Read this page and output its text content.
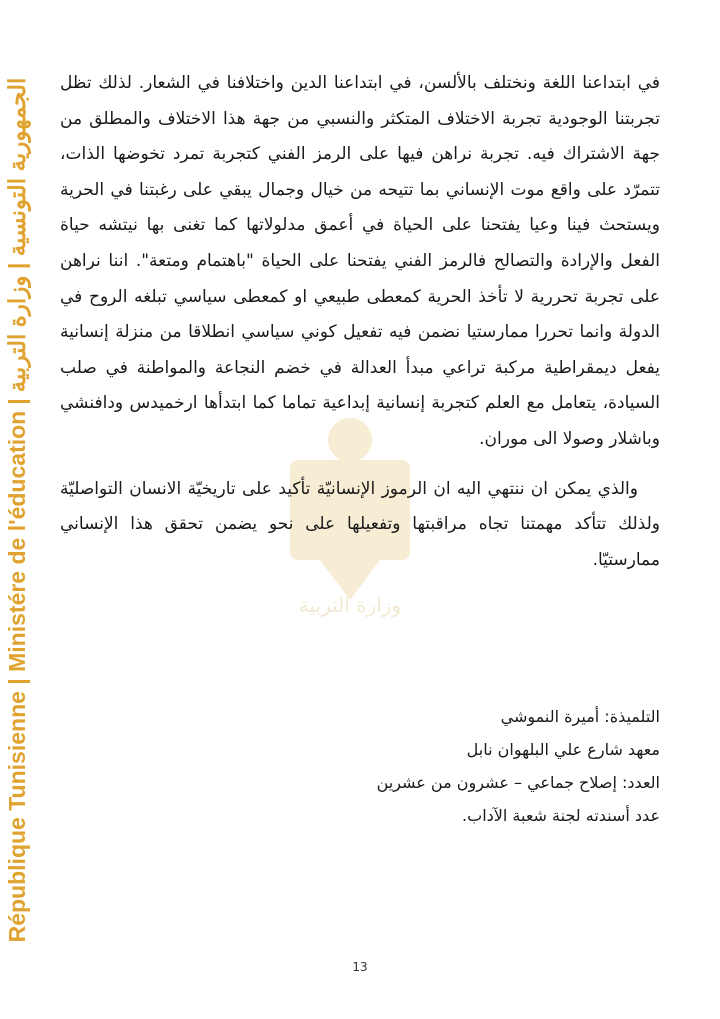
République Tunisienne | Ministére de l'éducation
|
الجمهورية التونسية | وزارة التربية
وزارة التربية

في ابتداعنا اللغة ونختلف بالألسن، في ابتداعنا الدين واختلافنا في الشعار. لذلك تظل تجربتنا الوجودية تجربة الاختلاف المتكثر والنسبي من جهة هذا الاختلاف والمطلق من جهة الاشتراك فيه. تجربة نراهن فيها على الرمز الفني كتجربة تمرد تخوضها الذات، تتمرّد على واقع موت الإنساني بما تتيحه من خيال وجمال يبقي على رغبتنا في الحرية ويستحث فينا وعيا يفتحنا على الحياة في أعمق مدلولاتها كما تغنى بها نيتشه حياة الفعل والإرادة والتصالح فالرمز الفني يفتحنا على الحياة "باهتمام ومتعة". اننا نراهن على تجربة تحررية لا تأخذ الحرية كمعطى طبيعي او كمعطى سياسي تبلغه الروح في الدولة وانما تحررا ممارستيا نضمن فيه تفعيل كوني سياسي انطلاقا من منزلة إنسانية يفعل ديمقراطية مركبة تراعي مبدأ العدالة في خضم النجاعة والمواطنة في صلب السيادة، يتعامل مع العلم كتجربة إنسانية إبداعية تماما كما ابتدأها ارخميدس ودافنشي وباشلار وصولا الى موران.

والذي يمكن ان ننتهي اليه ان الرموز الإنسانيّة تأكيد على تاريخيّة الانسان التواصليّة ولذلك تتأكد مهمتنا تجاه مراقبتها وتفعيلها على نحو يضمن تحقق هذا الإنساني ممارستيّا.

التلميذة: أميرة النموشي
معهد شارع علي البلهوان نابل
العدد: إصلاح جماعي – عشرون من عشرين
عدد أسندته لجنة شعبة الآداب.
13
